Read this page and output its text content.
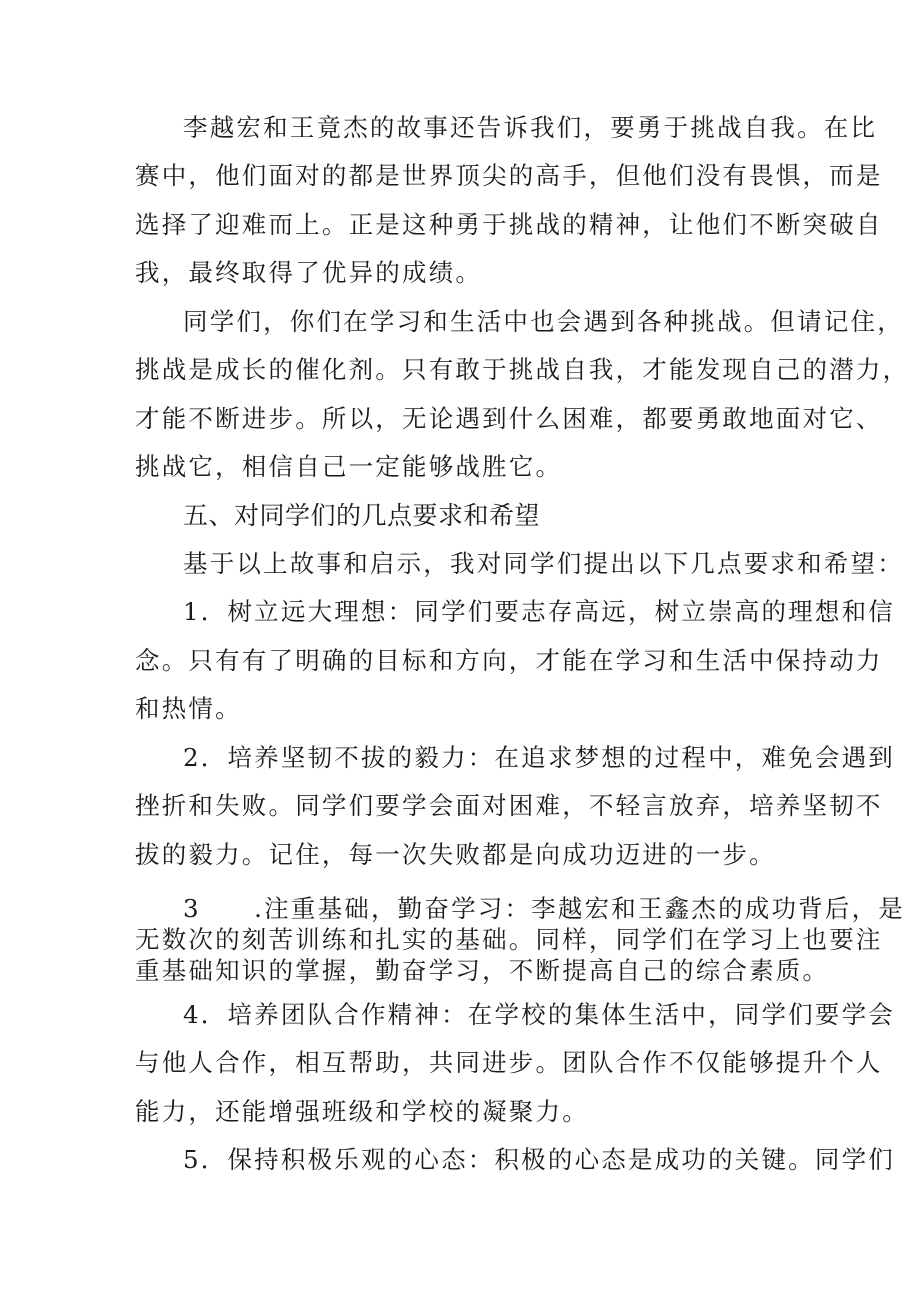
李越宏和王竟杰的故事还告诉我们，要勇于挑战自我。在比
赛中，他们面对的都是世界顶尖的高手，但他们没有畏惧，而是
选择了迎难而上。正是这种勇于挑战的精神，让他们不断突破自
我，最终取得了优异的成绩。
同学们，你们在学习和生活中也会遇到各种挑战。但请记住，
挑战是成长的催化剂。只有敢于挑战自我，才能发现自己的潜力，
才能不断进步。所以，无论遇到什么困难，都要勇敢地面对它、
挑战它，相信自己一定能够战胜它。
五、对同学们的几点要求和希望
基于以上故事和启示，我对同学们提出以下几点要求和希望：
1．树立远大理想：同学们要志存高远，树立崇高的理想和信
念。只有有了明确的目标和方向，才能在学习和生活中保持动力
和热情。
2．培养坚韧不拔的毅力：在追求梦想的过程中，难免会遇到
挫折和失败。同学们要学会面对困难，不轻言放弃，培养坚韧不
拔的毅力。记住，每一次失败都是向成功迈进的一步。
3　　.注重基础，勤奋学习：李越宏和王鑫杰的成功背后，是
无数次的刻苦训练和扎实的基础。同样，同学们在学习上也要注
重基础知识的掌握，勤奋学习，不断提高自己的综合素质。
4．培养团队合作精神：在学校的集体生活中，同学们要学会
与他人合作，相互帮助，共同进步。团队合作不仅能够提升个人
能力，还能增强班级和学校的凝聚力。
5．保持积极乐观的心态：积极的心态是成功的关键。同学们
